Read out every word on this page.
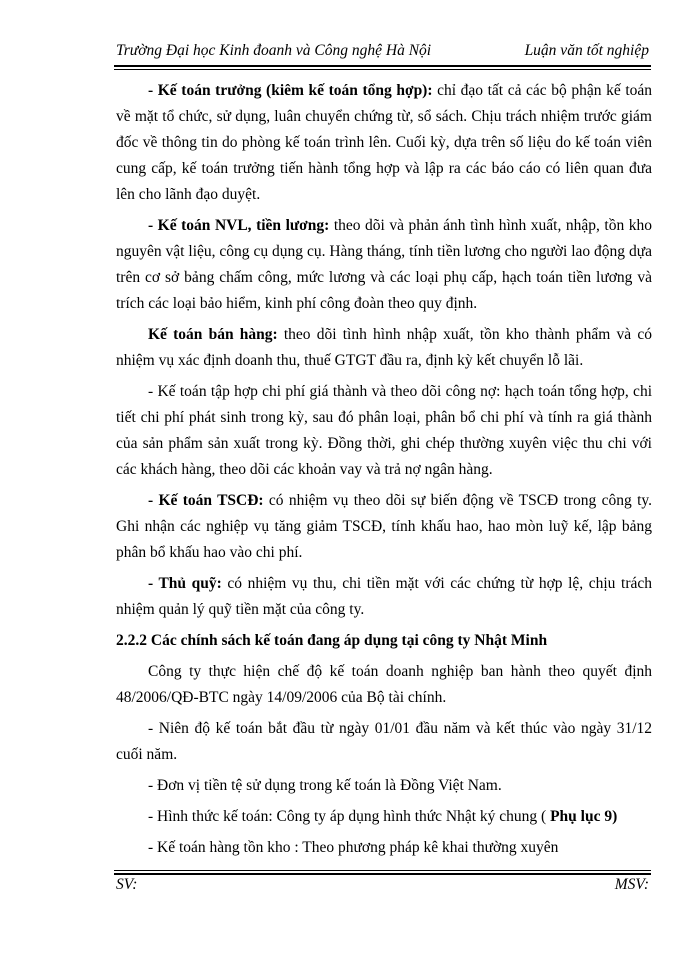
Trường Đại học Kinh đoanh và Công nghệ Hà Nội	Luận văn tốt nghiệp

- Kế toán trưởng (kiêm kế toán tổng hợp): chỉ đạo tất cả các bộ phận kế toán về mặt tổ chức, sử dụng, luân chuyển chứng từ, sổ sách. Chịu trách nhiệm trước giám đốc về thông tin do phòng kế toán trình lên. Cuối kỳ, dựa trên số liệu do kế toán viên cung cấp, kế toán trưởng tiến hành tổng hợp và lập ra các báo cáo có liên quan đưa lên cho lãnh đạo duyệt.

- Kế toán NVL, tiền lương: theo dõi và phản ánh tình hình xuất, nhập, tồn kho nguyên vật liệu, công cụ dụng cụ. Hàng tháng, tính tiền lương cho người lao động dựa trên cơ sở bảng chấm công, mức lương và các loại phụ cấp, hạch toán tiền lương và trích các loại bảo hiểm, kinh phí công đoàn theo quy định.

Kế toán bán hàng: theo dõi tình hình nhập xuất, tồn kho thành phẩm và có nhiệm vụ xác định doanh thu, thuế GTGT đầu ra, định kỳ kết chuyển lỗ lãi.

- Kế toán tập hợp chi phí giá thành và theo dõi công nợ: hạch toán tổng hợp, chi tiết chi phí phát sinh trong kỳ, sau đó phân loại, phân bổ chi phí và tính ra giá thành của sản phẩm sản xuất trong kỳ. Đồng thời, ghi chép thường xuyên việc thu chi với các khách hàng, theo dõi các khoản vay và trả nợ ngân hàng.

- Kế toán TSCĐ: có nhiệm vụ theo dõi sự biến động về TSCĐ trong công ty. Ghi nhận các nghiệp vụ tăng giảm TSCĐ, tính khấu hao, hao mòn luỹ kế, lập bảng phân bổ khấu hao vào chi phí.

- Thủ quỹ: có nhiệm vụ thu, chi tiền mặt với các chứng từ hợp lệ, chịu trách nhiệm quản lý quỹ tiền mặt của công ty.

2.2.2 Các chính sách kế toán đang áp dụng tại công ty Nhật Minh

Công ty thực hiện chế độ kế toán doanh nghiệp ban hành theo quyết định 48/2006/QĐ-BTC ngày 14/09/2006 của Bộ tài chính.

- Niên độ kế toán bắt đầu từ ngày 01/01 đầu năm và kết thúc vào ngày 31/12 cuối năm.

- Đơn vị tiền tệ sử dụng trong kế toán là Đồng Việt Nam.

- Hình thức kế toán: Công ty áp dụng hình thức Nhật ký chung ( Phụ lục 9)

- Kế toán hàng tồn kho : Theo phương pháp kê khai thường xuyên

SV:	MSV:
